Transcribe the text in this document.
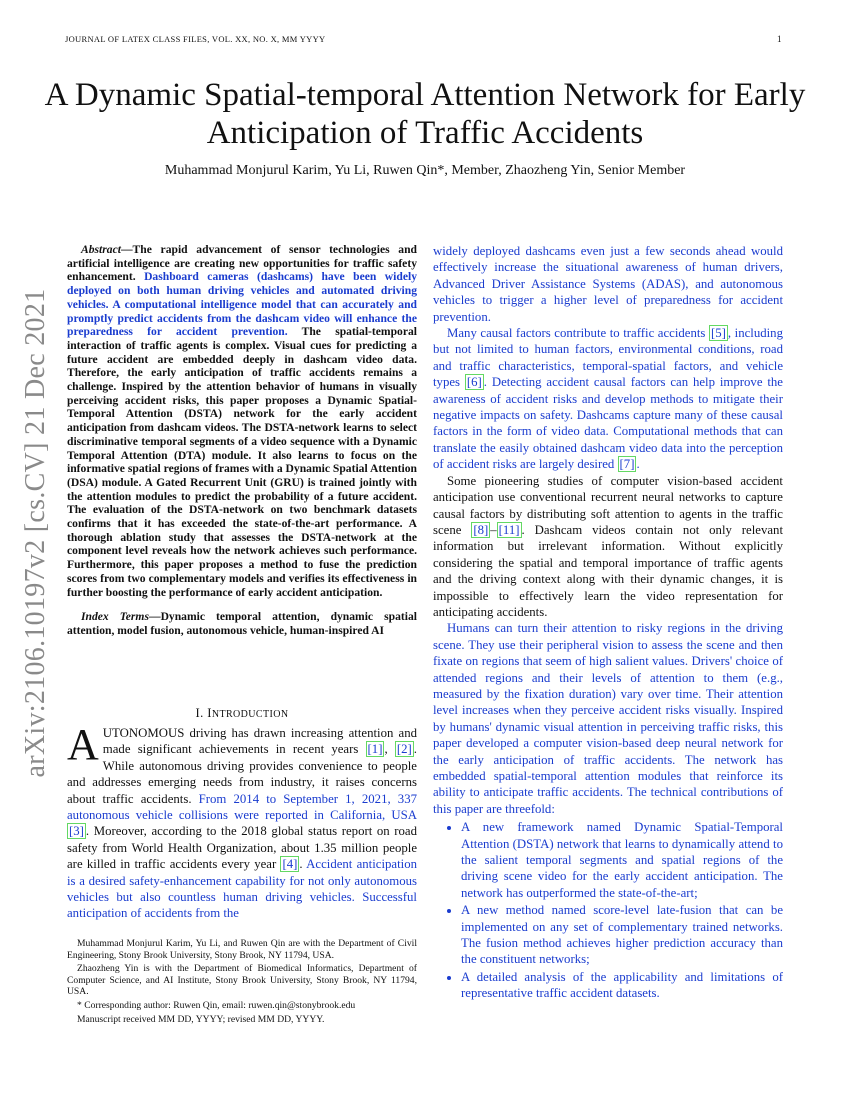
JOURNAL OF LATEX CLASS FILES, VOL. XX, NO. X, MM YYYY	1
A Dynamic Spatial-temporal Attention Network for Early Anticipation of Traffic Accidents
Muhammad Monjurul Karim, Yu Li, Ruwen Qin*, Member, Zhaozheng Yin, Senior Member
arXiv:2106.10197v2 [cs.CV] 21 Dec 2021

Abstract—The rapid advancement of sensor technologies and artificial intelligence are creating new opportunities for traffic safety enhancement. Dashboard cameras (dashcams) have been widely deployed on both human driving vehicles and automated driving vehicles. A computational intelligence model that can accurately and promptly predict accidents from the dashcam video will enhance the preparedness for accident prevention. The spatial-temporal interaction of traffic agents is complex. Visual cues for predicting a future accident are embedded deeply in dashcam video data. Therefore, the early anticipation of traffic accidents remains a challenge. Inspired by the attention behavior of humans in visually perceiving accident risks, this paper proposes a Dynamic Spatial-Temporal Attention (DSTA) network for the early accident anticipation from dashcam videos. The DSTA-network learns to select discriminative temporal segments of a video sequence with a Dynamic Temporal Attention (DTA) module. It also learns to focus on the informative spatial regions of frames with a Dynamic Spatial Attention (DSA) module. A Gated Recurrent Unit (GRU) is trained jointly with the attention modules to predict the probability of a future accident. The evaluation of the DSTA-network on two benchmark datasets confirms that it has exceeded the state-of-the-art performance. A thorough ablation study that assesses the DSTA-network at the component level reveals how the network achieves such performance. Furthermore, this paper proposes a method to fuse the prediction scores from two complementary models and verifies its effectiveness in further boosting the performance of early accident anticipation.

Index Terms—Dynamic temporal attention, dynamic spatial attention, model fusion, autonomous vehicle, human-inspired AI

I. INTRODUCTION

AUTONOMOUS driving has drawn increasing attention and made significant achievements in recent years [1] , [2] . While autonomous driving provides convenience to people and addresses emerging needs from industry, it raises concerns about traffic accidents. From 2014 to September 1, 2021, 337 autonomous vehicle collisions were reported in California, USA [3] . Moreover, according to the 2018 global status report on road safety from World Health Organization, about 1.35 million people are killed in traffic accidents every year [4] . Accident anticipation is a desired safety-enhancement capability for not only autonomous vehicles but also countless human driving vehicles. Successful anticipation of accidents from the

Muhammad Monjurul Karim, Yu Li, and Ruwen Qin are with the Department of Civil Engineering, Stony Brook University, Stony Brook, NY 11794, USA.

Zhaozheng Yin is with the Department of Biomedical Informatics, Department of Computer Science, and AI Institute, Stony Brook University, Stony Brook, NY 11794, USA.

* Corresponding author: Ruwen Qin, email: ruwen.qin@stonybrook.edu

Manuscript received MM DD, YYYY; revised MM DD, YYYY.

widely deployed dashcams even just a few seconds ahead would effectively increase the situational awareness of human drivers, Advanced Driver Assistance Systems (ADAS), and autonomous vehicles to trigger a higher level of preparedness for accident prevention.

Many causal factors contribute to traffic accidents [5] , including but not limited to human factors, environmental conditions, road and traffic characteristics, temporal-spatial factors, and vehicle types [6] . Detecting accident causal factors can help improve the awareness of accident risks and develop methods to mitigate their negative impacts on safety. Dashcams capture many of these causal factors in the form of video data. Computational methods that can translate the easily obtained dashcam video data into the perception of accident risks are largely desired [7] .

Some pioneering studies of computer vision-based accident anticipation use conventional recurrent neural networks to capture causal factors by distributing soft attention to agents in the traffic scene [8] – [11] . Dashcam videos contain not only relevant information but irrelevant information. Without explicitly considering the spatial and temporal importance of traffic agents and the driving context along with their dynamic changes, it is impossible to effectively learn the video representation for anticipating accidents.

Humans can turn their attention to risky regions in the driving scene. They use their peripheral vision to assess the scene and then fixate on regions that seem of high salient values. Drivers' choice of attended regions and their levels of attention to them (e.g., measured by the fixation duration) vary over time. Their attention level increases when they perceive accident risks visually. Inspired by humans' dynamic visual attention in perceiving traffic risks, this paper developed a computer vision-based deep neural network for the early anticipation of traffic accidents. The network has embedded spatial-temporal attention modules that reinforce its ability to anticipate traffic accidents. The technical contributions of this paper are threefold:

• A new framework named Dynamic Spatial-Temporal Attention (DSTA) network that learns to dynamically attend to the salient temporal segments and spatial regions of the driving scene video for the early accident anticipation. The network has outperformed the state-of-the-art;
• A new method named score-level late-fusion that can be implemented on any set of complementary trained networks. The fusion method achieves higher prediction accuracy than the constituent networks;
• A detailed analysis of the applicability and limitations of representative traffic accident datasets.
